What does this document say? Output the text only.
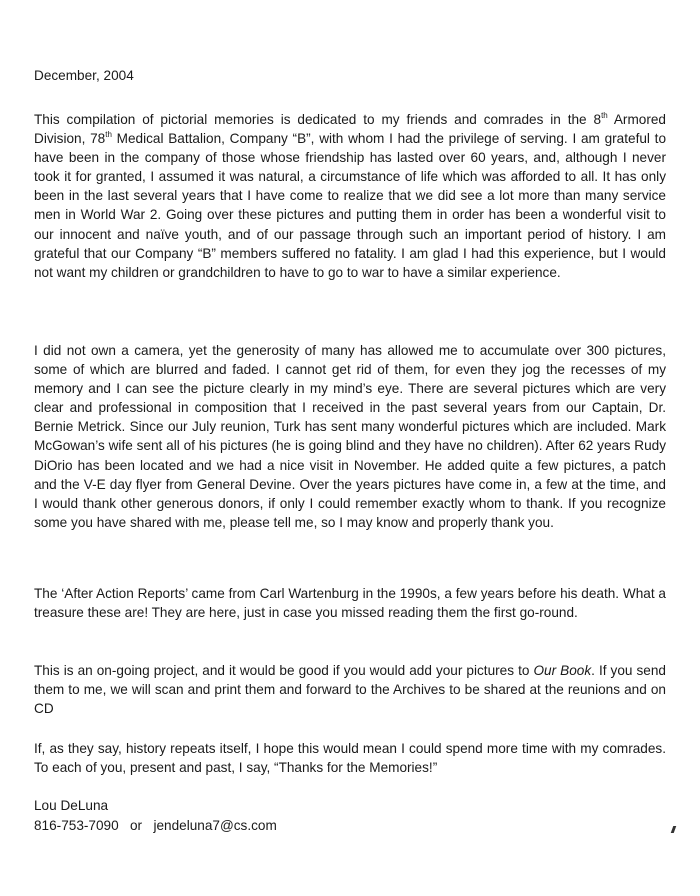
December, 2004

This compilation of pictorial memories is dedicated to my friends and comrades in the 8th Armored Division, 78th Medical Battalion, Company “B”, with whom I had the privilege of serving. I am grateful to have been in the company of those whose friendship has lasted over 60 years, and, although I never took it for granted, I assumed it was natural, a circumstance of life which was afforded to all. It has only been in the last several years that I have come to realize that we did see a lot more than many service men in World War 2. Going over these pictures and putting them in order has been a wonderful visit to our innocent and naïve youth, and of our passage through such an important period of history. I am grateful that our Company “B” members suffered no fatality. I am glad I had this experience, but I would not want my children or grandchildren to have to go to war to have a similar experience.

I did not own a camera, yet the generosity of many has allowed me to accumulate over 300 pictures, some of which are blurred and faded. I cannot get rid of them, for even they jog the recesses of my memory and I can see the picture clearly in my mind’s eye. There are several pictures which are very clear and professional in composition that I received in the past several years from our Captain, Dr. Bernie Metrick. Since our July reunion, Turk has sent many wonderful pictures which are included. Mark McGowan’s wife sent all of his pictures (he is going blind and they have no children). After 62 years Rudy DiOrio has been located and we had a nice visit in November. He added quite a few pictures, a patch and the V-E day flyer from General Devine. Over the years pictures have come in, a few at the time, and I would thank other generous donors, if only I could remember exactly whom to thank. If you recognize some you have shared with me, please tell me, so I may know and properly thank you.

The ‘After Action Reports’ came from Carl Wartenburg in the 1990s, a few years before his death. What a treasure these are! They are here, just in case you missed reading them the first go-round.

This is an on-going project, and it would be good if you would add your pictures to Our Book. If you send them to me, we will scan and print them and forward to the Archives to be shared at the reunions and on CD

If, as they say, history repeats itself, I hope this would mean I could spend more time with my comrades. To each of you, present and past, I say, “Thanks for the Memories!”

Lou DeLuna
816-753-7090 or jendeluna7@cs.com
